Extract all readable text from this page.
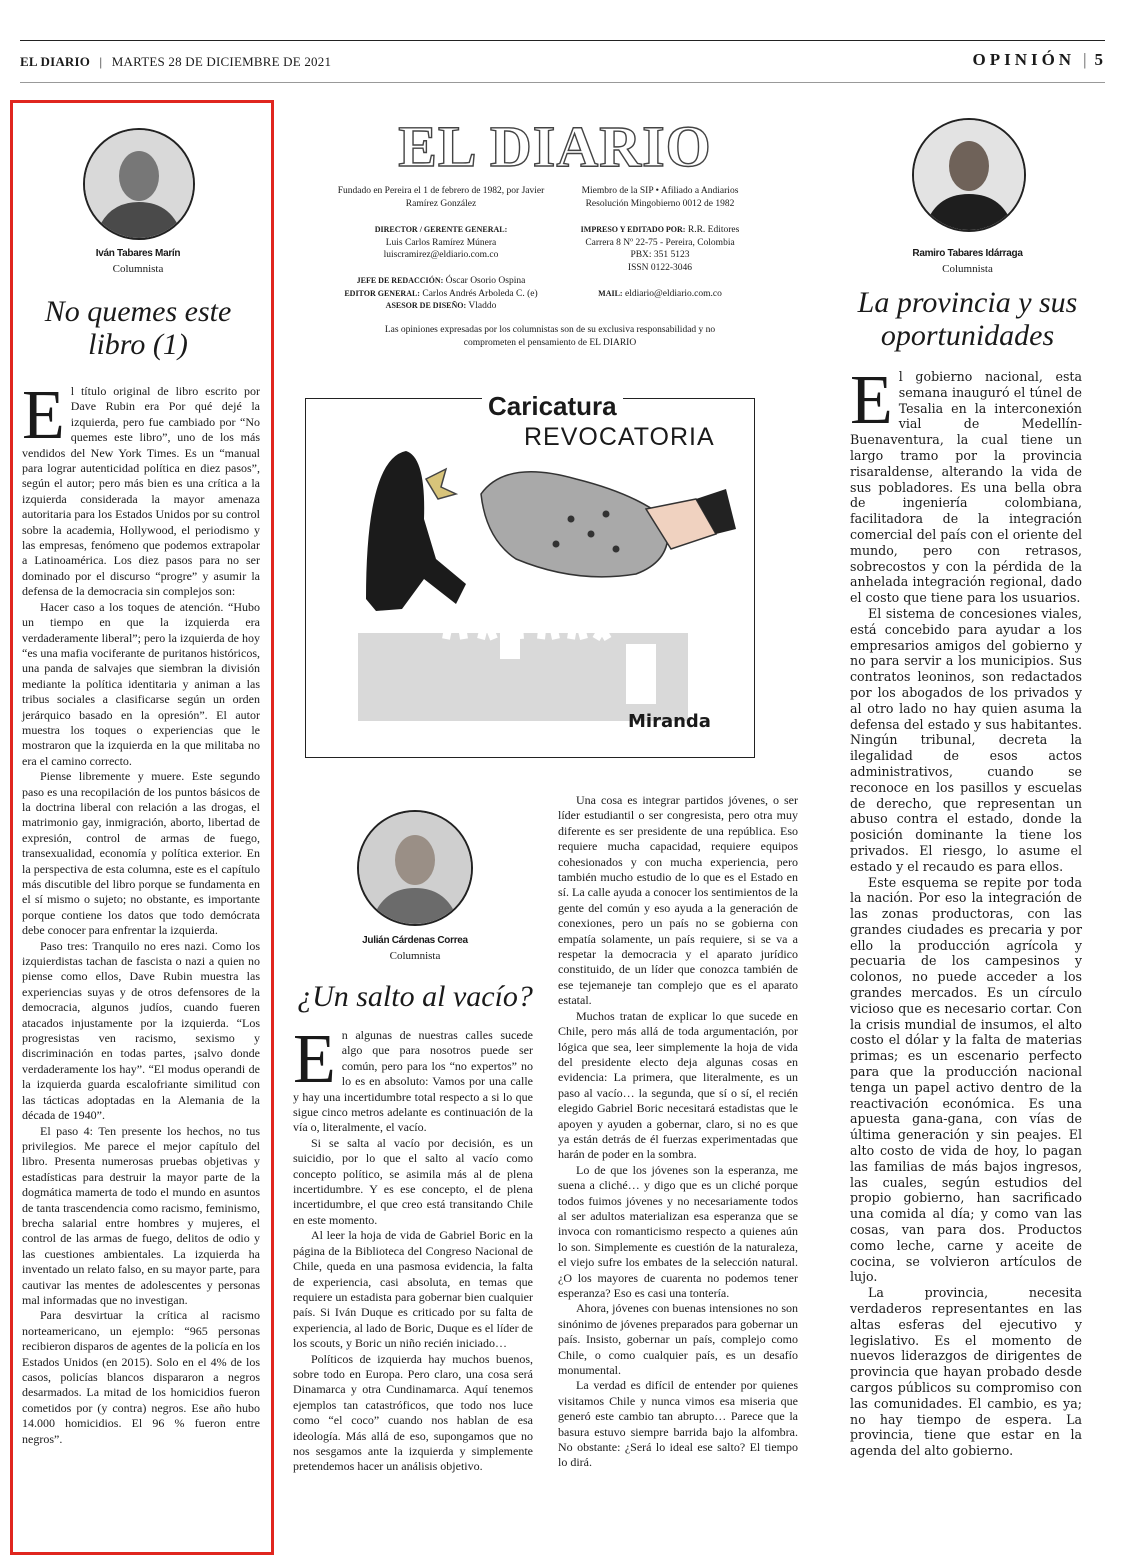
EL DIARIO | MARTES 28 DE DICIEMBRE DE 2021	OPINIÓN | 5
Iván Tabares Marín
Columnista
No quemes este libro (1)
E l título original de libro escrito por Dave Rubin era Por qué dejé la izquierda, pero fue cambiado por “No quemes este libro”, uno de los más vendidos del New York Times. Es un “manual para lograr autenticidad política en diez pasos”, según el autor; pero más bien es una crítica a la izquierda considerada la mayor amenaza autoritaria para los Estados Unidos por su control sobre la academia, Hollywood, el periodismo y las empresas, fenómeno que podemos extrapolar a Latinoamérica. Los diez pasos para no ser dominado por el discurso “progre” y asumir la defensa de la democracia sin complejos son:

Hacer caso a los toques de atención. “Hubo un tiempo en que la izquierda era verdaderamente liberal”; pero la izquierda de hoy “es una mafia vociferante de puritanos históricos, una panda de salvajes que siembran la división mediante la política identitaria y animan a las tribus sociales a clasificarse según un orden jerárquico basado en la opresión”. El autor muestra los toques o experiencias que le mostraron que la izquierda en la que militaba no era el camino correcto.

Piense libremente y muere. Este segundo paso es una recopilación de los puntos básicos de la doctrina liberal con relación a las drogas, el matrimonio gay, inmigración, aborto, libertad de expresión, control de armas de fuego, transexualidad, economía y política exterior. En la perspectiva de esta columna, este es el capítulo más discutible del libro porque se fundamenta en el sí mismo o sujeto; no obstante, es importante porque contiene los datos que todo demócrata debe conocer para enfrentar la izquierda.

Paso tres: Tranquilo no eres nazi. Como los izquierdistas tachan de fascista o nazi a quien no piense como ellos, Dave Rubin muestra las experiencias suyas y de otros defensores de la democracia, algunos judíos, cuando fueren atacados injustamente por la izquierda. “Los progresistas ven racismo, sexismo y discriminación en todas partes, ¡salvo donde verdaderamente los hay”. “El modus operandi de la izquierda guarda escalofriante similitud con las tácticas adoptadas en la Alemania de la década de 1940”.

El paso 4: Ten presente los hechos, no tus privilegios. Me parece el mejor capítulo del libro. Presenta numerosas pruebas objetivas y estadísticas para destruir la mayor parte de la dogmática mamerta de todo el mundo en asuntos de tanta trascendencia como racismo, feminismo, brecha salarial entre hombres y mujeres, el control de las armas de fuego, delitos de odio y las cuestiones ambientales. La izquierda ha inventado un relato falso, en su mayor parte, para cautivar las mentes de adolescentes y personas mal informadas que no investigan.

Para desvirtuar la crítica al racismo norteamericano, un ejemplo: “965 personas recibieron disparos de agentes de la policía en los Estados Unidos (en 2015). Solo en el 4% de los casos, policías blancos dispararon a negros desarmados. La mitad de los homicidios fueron cometidos por (y contra) negros. Ese año hubo 14.000 homicidios. El 96 % fueron entre negros”.

EL DIARIO
Fundado en Pereira el 1 de febrero de 1982, por Javier Ramírez González
Miembro de la SIP • Afiliado a Andiarios Resolución Mingobierno 0012 de 1982
DIRECTOR / GERENTE GENERAL:
Luis Carlos Ramírez Múnera
luiscramirez@eldiario.com.co
IMPRESO Y EDITADO POR: R.R. Editores
Carrera 8 Nº 22-75 - Pereira, Colombia
PBX: 351 5123
ISSN 0122-3046
JEFE DE REDACCIÓN: Óscar Osorio Ospina
EDITOR GENERAL: Carlos Andrés Arboleda C. (e)
ASESOR DE DISEÑO: Vladdo
MAIL: eldiario@eldiario.com.co
Las opiniones expresadas por los columnistas son de su exclusiva responsabilidad y no comprometen el pensamiento de EL DIARIO
Caricatura
REVOCATORIA
Miranda
Julián Cárdenas Correa
Columnista
¿Un salto al vacío?
E n algunas de nuestras calles sucede algo que para nosotros puede ser común, pero para los “no expertos” no lo es en absoluto: Vamos por una calle y hay una incertidumbre total respecto a si lo que sigue cinco metros adelante es continuación de la vía o, literalmente, el vacío.

Si se salta al vacío por decisión, es un suicidio, por lo que el salto al vacío como concepto político, se asimila más al de plena incertidumbre. Y es ese concepto, el de plena incertidumbre, el que creo está transitando Chile en este momento.

Al leer la hoja de vida de Gabriel Boric en la página de la Biblioteca del Congreso Nacional de Chile, queda en una pasmosa evidencia, la falta de experiencia, casi absoluta, en temas que requiere un estadista para gobernar bien cualquier país. Si Iván Duque es criticado por su falta de experiencia, al lado de Boric, Duque es el líder de los scouts, y Boric un niño recién iniciado…

Políticos de izquierda hay muchos buenos, sobre todo en Europa. Pero claro, una cosa será Dinamarca y otra Cundinamarca. Aquí tenemos ejemplos tan catastróficos, que todo nos luce como “el coco” cuando nos hablan de esa ideología. Más allá de eso, supongamos que no nos sesgamos ante la izquierda y simplemente pretendemos hacer un análisis objetivo.

Una cosa es integrar partidos jóvenes, o ser líder estudiantil o ser congresista, pero otra muy diferente es ser presidente de una república. Eso requiere mucha capacidad, requiere equipos cohesionados y con mucha experiencia, pero también mucho estudio de lo que es el Estado en sí. La calle ayuda a conocer los sentimientos de la gente del común y eso ayuda a la generación de conexiones, pero un país no se gobierna con empatía solamente, un país requiere, si se va a respetar la democracia y el aparato jurídico constituido, de un líder que conozca también de ese tejemaneje tan complejo que es el aparato estatal.

Muchos tratan de explicar lo que sucede en Chile, pero más allá de toda argumentación, por lógica que sea, leer simplemente la hoja de vida del presidente electo deja algunas cosas en evidencia: La primera, que literalmente, es un paso al vacío… la segunda, que sí o sí, el recién elegido Gabriel Boric necesitará estadistas que le apoyen y ayuden a gobernar, claro, si no es que ya están detrás de él fuerzas experimentadas que harán de poder en la sombra.

Lo de que los jóvenes son la esperanza, me suena a cliché… y digo que es un cliché porque todos fuimos jóvenes y no necesariamente todos al ser adultos materializan esa esperanza que se invoca con romanticismo respecto a quienes aún lo son. Simplemente es cuestión de la naturaleza, el viejo sufre los embates de la selección natural. ¿O los mayores de cuarenta no podemos tener esperanza? Eso es casi una tontería.

Ahora, jóvenes con buenas intensiones no son sinónimo de jóvenes preparados para gobernar un país. Insisto, gobernar un país, complejo como Chile, o como cualquier país, es un desafío monumental.

La verdad es difícil de entender por quienes visitamos Chile y nunca vimos esa miseria que generó este cambio tan abrupto… Parece que la basura estuvo siempre barrida bajo la alfombra. No obstante: ¿Será lo ideal ese salto? El tiempo lo dirá.

Ramiro Tabares Idárraga
Columnista
La provincia y sus oportunidades
E l gobierno nacional, esta semana inauguró el túnel de Tesalia en la interconexión vial de Medellín-Buenaventura, la cual tiene un largo tramo por la provincia risaraldense, alterando la vida de sus pobladores. Es una bella obra de ingeniería colombiana, facilitadora de la integración comercial del país con el oriente del mundo, pero con retrasos, sobrecostos y con la pérdida de la anhelada integración regional, dado el costo que tiene para los usuarios.

El sistema de concesiones viales, está concebido para ayudar a los empresarios amigos del gobierno y no para servir a los municipios. Sus contratos leoninos, son redactados por los abogados de los privados y al otro lado no hay quien asuma la defensa del estado y sus habitantes. Ningún tribunal, decreta la ilegalidad de esos actos administrativos, cuando se reconoce en los pasillos y escuelas de derecho, que representan un abuso contra el estado, donde la posición dominante la tiene los privados. El riesgo, lo asume el estado y el recaudo es para ellos.

Este esquema se repite por toda la nación. Por eso la integración de las zonas productoras, con las grandes ciudades es precaria y por ello la producción agrícola y pecuaria de los campesinos y colonos, no puede acceder a los grandes mercados. Es un círculo vicioso que es necesario cortar. Con la crisis mundial de insumos, el alto costo el dólar y la falta de materias primas; es un escenario perfecto para que la producción nacional tenga un papel activo dentro de la reactivación económica. Es una apuesta gana-gana, con vías de última generación y sin peajes. El alto costo de vida de hoy, lo pagan las familias de más bajos ingresos, las cuales, según estudios del propio gobierno, han sacrificado una comida al día; y como van las cosas, van para dos. Productos como leche, carne y aceite de cocina, se volvieron artículos de lujo.

La provincia, necesita verdaderos representantes en las altas esferas del ejecutivo y legislativo. Es el momento de nuevos liderazgos de dirigentes de provincia que hayan probado desde cargos públicos su compromiso con las comunidades. El cambio, es ya; no hay tiempo de espera. La provincia, tiene que estar en la agenda del alto gobierno.
